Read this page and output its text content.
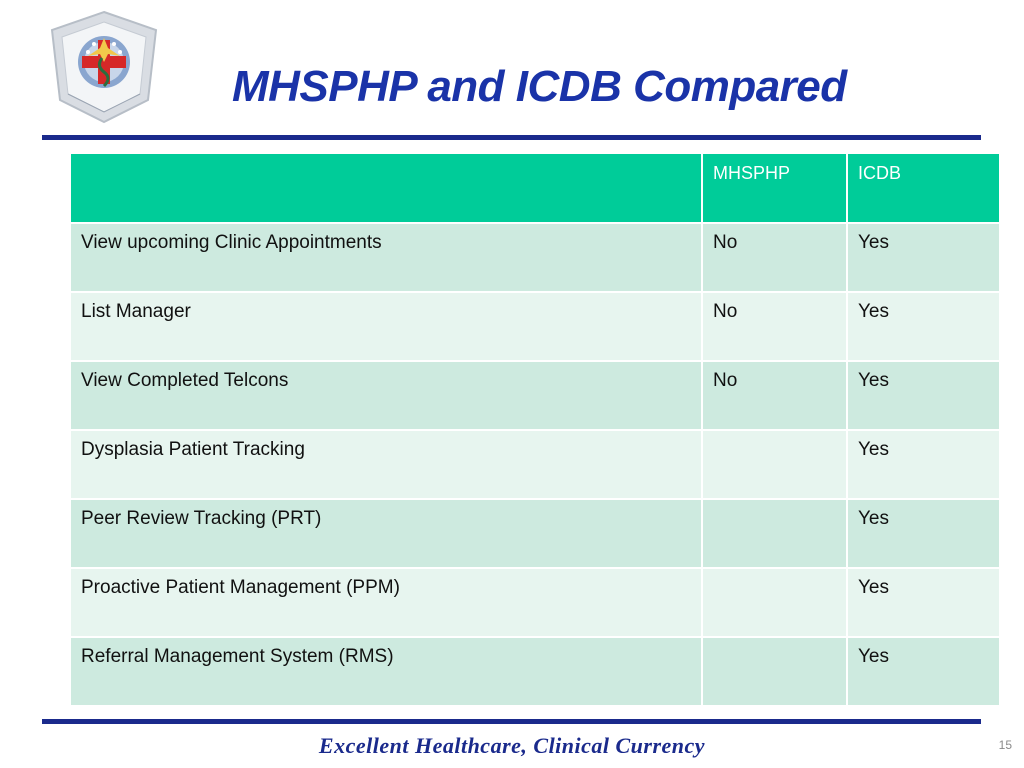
MHSPHP and ICDB Compared
	MHSPHP	ICDB
View upcoming Clinic Appointments	No	Yes
List Manager	No	Yes
View Completed Telcons	No	Yes
Dysplasia Patient Tracking		Yes
Peer Review Tracking (PRT)		Yes
Proactive Patient Management (PPM)		Yes
Referral Management System (RMS)		Yes
Excellent Healthcare, Clinical Currency	15
